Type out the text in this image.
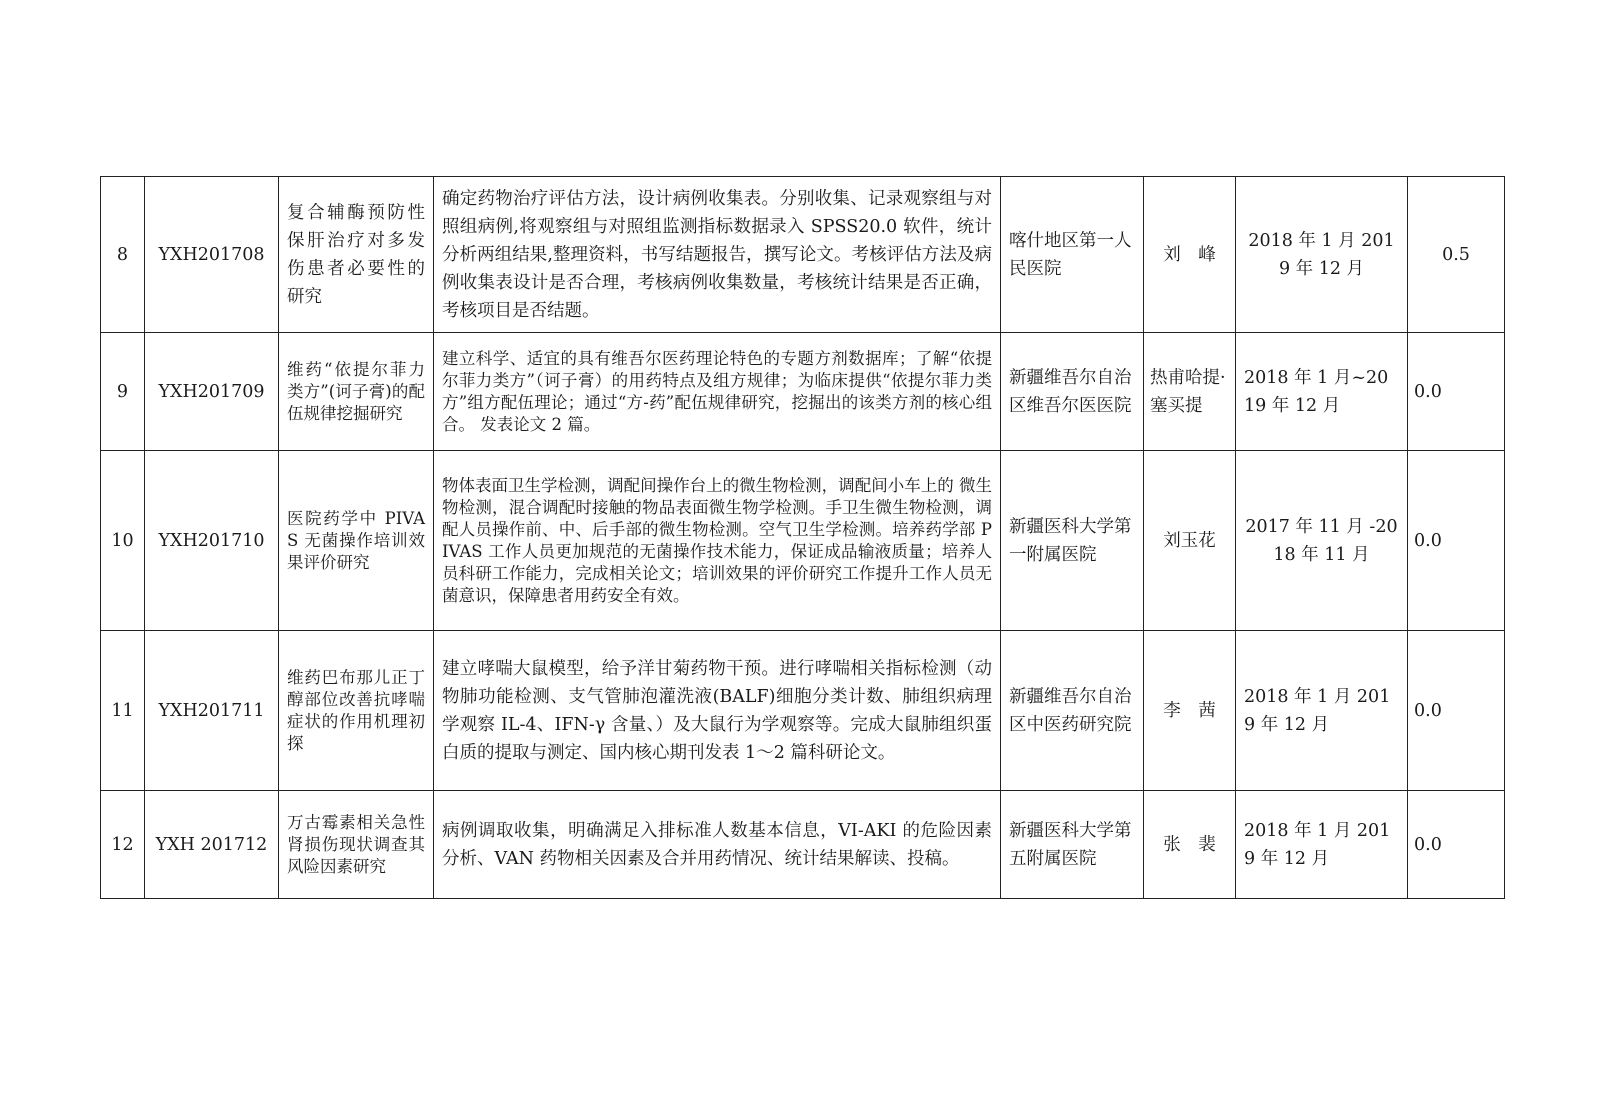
8	YXH201708	复合辅酶预防性保肝治疗对多发伤患者必要性的研究	确定药物治疗评估方法，设计病例收集表。分别收集、记录观察组与对照组病例,将观察组与对照组监测指标数据录入 SPSS20.0 软件，统计分析两组结果,整理资料，书写结题报告，撰写论文。考核评估方法及病例收集表设计是否合理，考核病例收集数量，考核统计结果是否正确，考核项目是否结题。	喀什地区第一人民医院	刘　峰	2018 年 1 月 2019 年 12 月	0.5
9	YXH201709	维药“依提尔菲力类方”(诃子膏)的配伍规律挖掘研究	建立科学、适宜的具有维吾尔医药理论特色的专题方剂数据库；了解“依提尔菲力类方”（诃子膏）的用药特点及组方规律；为临床提供“依提尔菲力类方”组方配伍理论；通过“方-药”配伍规律研究，挖掘出的该类方剂的核心组合。 发表论文 2 篇。	新疆维吾尔自治区维吾尔医医院	热甫哈提·塞买提	2018 年 1 月~2019 年 12 月	0.0
10	YXH201710	医院药学中 PIVAS 无菌操作培训效果评价研究	物体表面卫生学检测，调配间操作台上的微生物检测，调配间小车上的 微生物检测，混合调配时接触的物品表面微生物学检测。手卫生微生物检测，调配人员操作前、中、后手部的微生物检测。空气卫生学检测。培养药学部 PIVAS 工作人员更加规范的无菌操作技术能力，保证成品输液质量；培养人员科研工作能力，完成相关论文；培训效果的评价研究工作提升工作人员无菌意识，保障患者用药安全有效。	新疆医科大学第一附属医院	刘玉花	2017 年 11 月 -2018 年 11 月	0.0
11	YXH201711	维药巴布那儿正丁醇部位改善抗哮喘症状的作用机理初探	建立哮喘大鼠模型，给予洋甘菊药物干预。进行哮喘相关指标检测（动物肺功能检测、支气管肺泡灌洗液(BALF)细胞分类计数、肺组织病理学观察 IL-4、IFN-γ 含量、）及大鼠行为学观察等。完成大鼠肺组织蛋白质的提取与测定、国内核心期刊发表 1～2 篇科研论文。	新疆维吾尔自治区中医药研究院	李　茜	2018 年 1 月 2019 年 12 月	0.0
12	YXH 201712	万古霉素相关急性肾损伤现状调查其风险因素研究	病例调取收集，明确满足入排标准人数基本信息，VI-AKI 的危险因素分析、VAN 药物相关因素及合并用药情况、统计结果解读、投稿。	新疆医科大学第五附属医院	张　裴	2018 年 1 月 2019 年 12 月	0.0
